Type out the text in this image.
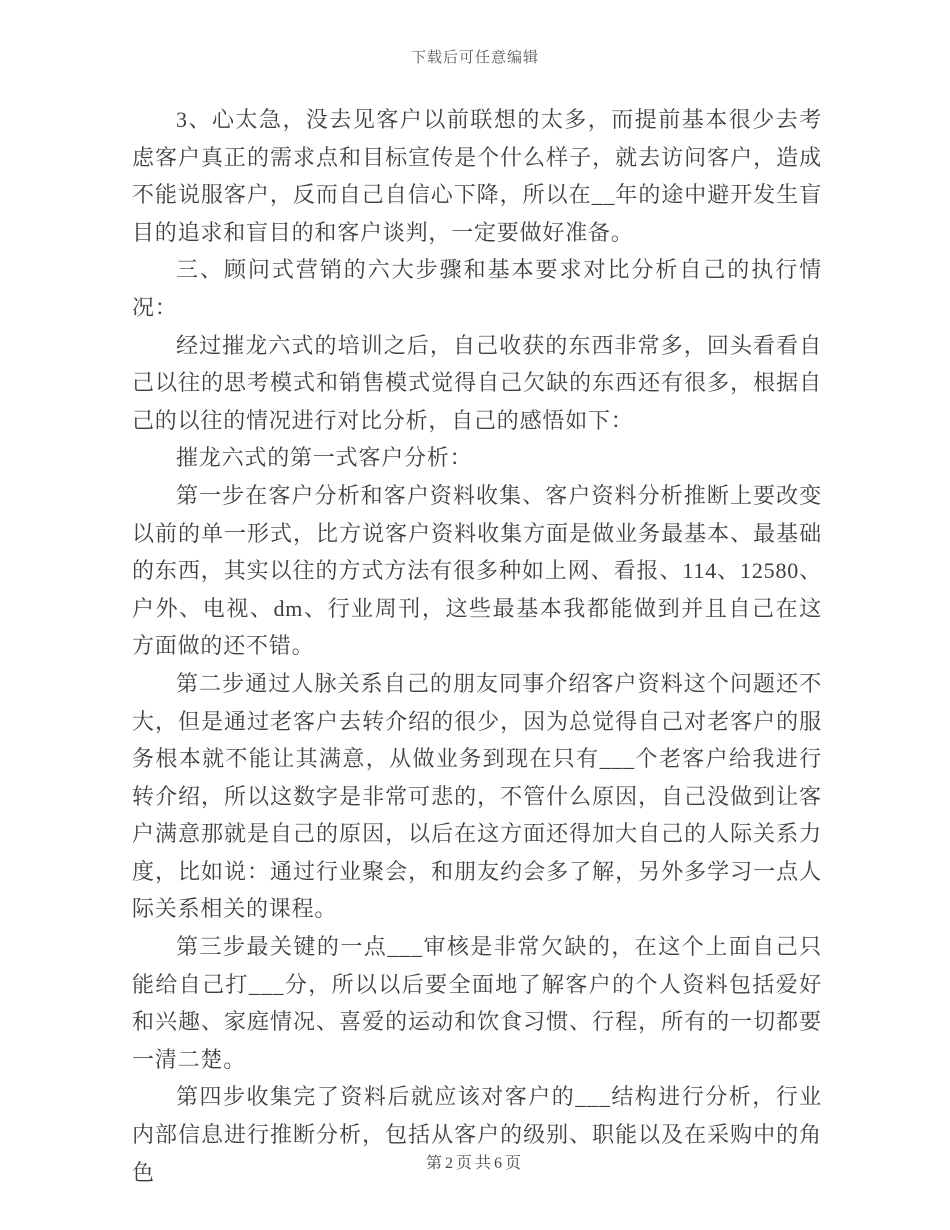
下载后可任意编辑

3、心太急，没去见客户以前联想的太多，而提前基本很少去考虑客户真正的需求点和目标宣传是个什么样子，就去访问客户，造成不能说服客户，反而自己自信心下降，所以在__年的途中避开发生盲目的追求和盲目的和客户谈判，一定要做好准备。

三、顾问式营销的六大步骤和基本要求对比分析自己的执行情况：

经过摧龙六式的培训之后，自己收获的东西非常多，回头看看自己以往的思考模式和销售模式觉得自己欠缺的东西还有很多，根据自己的以往的情况进行对比分析，自己的感悟如下：

摧龙六式的第一式客户分析：

第一步在客户分析和客户资料收集、客户资料分析推断上要改变以前的单一形式，比方说客户资料收集方面是做业务最基本、最基础的东西，其实以往的方式方法有很多种如上网、看报、114、12580、户外、电视、dm、行业周刊，这些最基本我都能做到并且自己在这方面做的还不错。

第二步通过人脉关系自己的朋友同事介绍客户资料这个问题还不大，但是通过老客户去转介绍的很少，因为总觉得自己对老客户的服务根本就不能让其满意，从做业务到现在只有___个老客户给我进行转介绍，所以这数字是非常可悲的，不管什么原因，自己没做到让客户满意那就是自己的原因，以后在这方面还得加大自己的人际关系力度，比如说：通过行业聚会，和朋友约会多了解，另外多学习一点人际关系相关的课程。

第三步最关键的一点___审核是非常欠缺的，在这个上面自己只能给自己打___分，所以以后要全面地了解客户的个人资料包括爱好和兴趣、家庭情况、喜爱的运动和饮食习惯、行程，所有的一切都要一清二楚。

第四步收集完了资料后就应该对客户的___结构进行分析，行业内部信息进行推断分析，包括从客户的级别、职能以及在采购中的角色	第2页共6页
